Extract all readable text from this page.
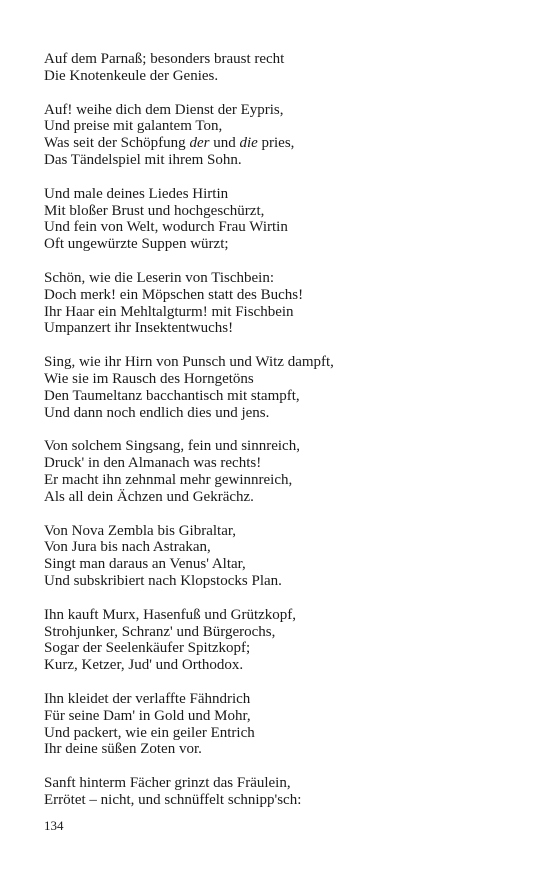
Auf dem Parnaß; besonders braust recht
Die Knotenkeule der Genies.
Auf! weihe dich dem Dienst der Eypris,
Und preise mit galantem Ton,
Was seit der Schöpfung der und die pries,
Das Tändelspiel mit ihrem Sohn.
Und male deines Liedes Hirtin
Mit bloßer Brust und hochgeschürzt,
Und fein von Welt, wodurch Frau Wirtin
Oft ungewürzte Suppen würzt;
Schön, wie die Leserin von Tischbein:
Doch merk! ein Möpschen statt des Buchs!
Ihr Haar ein Mehltalgturm! mit Fischbein
Umpanzert ihr Insektentwuchs!
Sing, wie ihr Hirn von Punsch und Witz dampft,
Wie sie im Rausch des Horngetöns
Den Taumeltanz bacchantisch mit stampft,
Und dann noch endlich dies und jens.
Von solchem Singsang, fein und sinnreich,
Druck' in den Almanach was rechts!
Er macht ihn zehnmal mehr gewinnreich,
Als all dein Ächzen und Gekrächz.
Von Nova Zembla bis Gibraltar,
Von Jura bis nach Astrakan,
Singt man daraus an Venus' Altar,
Und subskribiert nach Klopstocks Plan.
Ihn kauft Murx, Hasenfuß und Grützkopf,
Strohjunker, Schranz' und Bürgerochs,
Sogar der Seelenkäufer Spitzkopf;
Kurz, Ketzer, Jud' und Orthodox.
Ihn kleidet der verlaffte Fähndrich
Für seine Dam' in Gold und Mohr,
Und packert, wie ein geiler Entrich
Ihr deine süßen Zoten vor.
Sanft hinterm Fächer grinzt das Fräulein,
Errötet – nicht, und schnüffelt schnipp'sch:
134
